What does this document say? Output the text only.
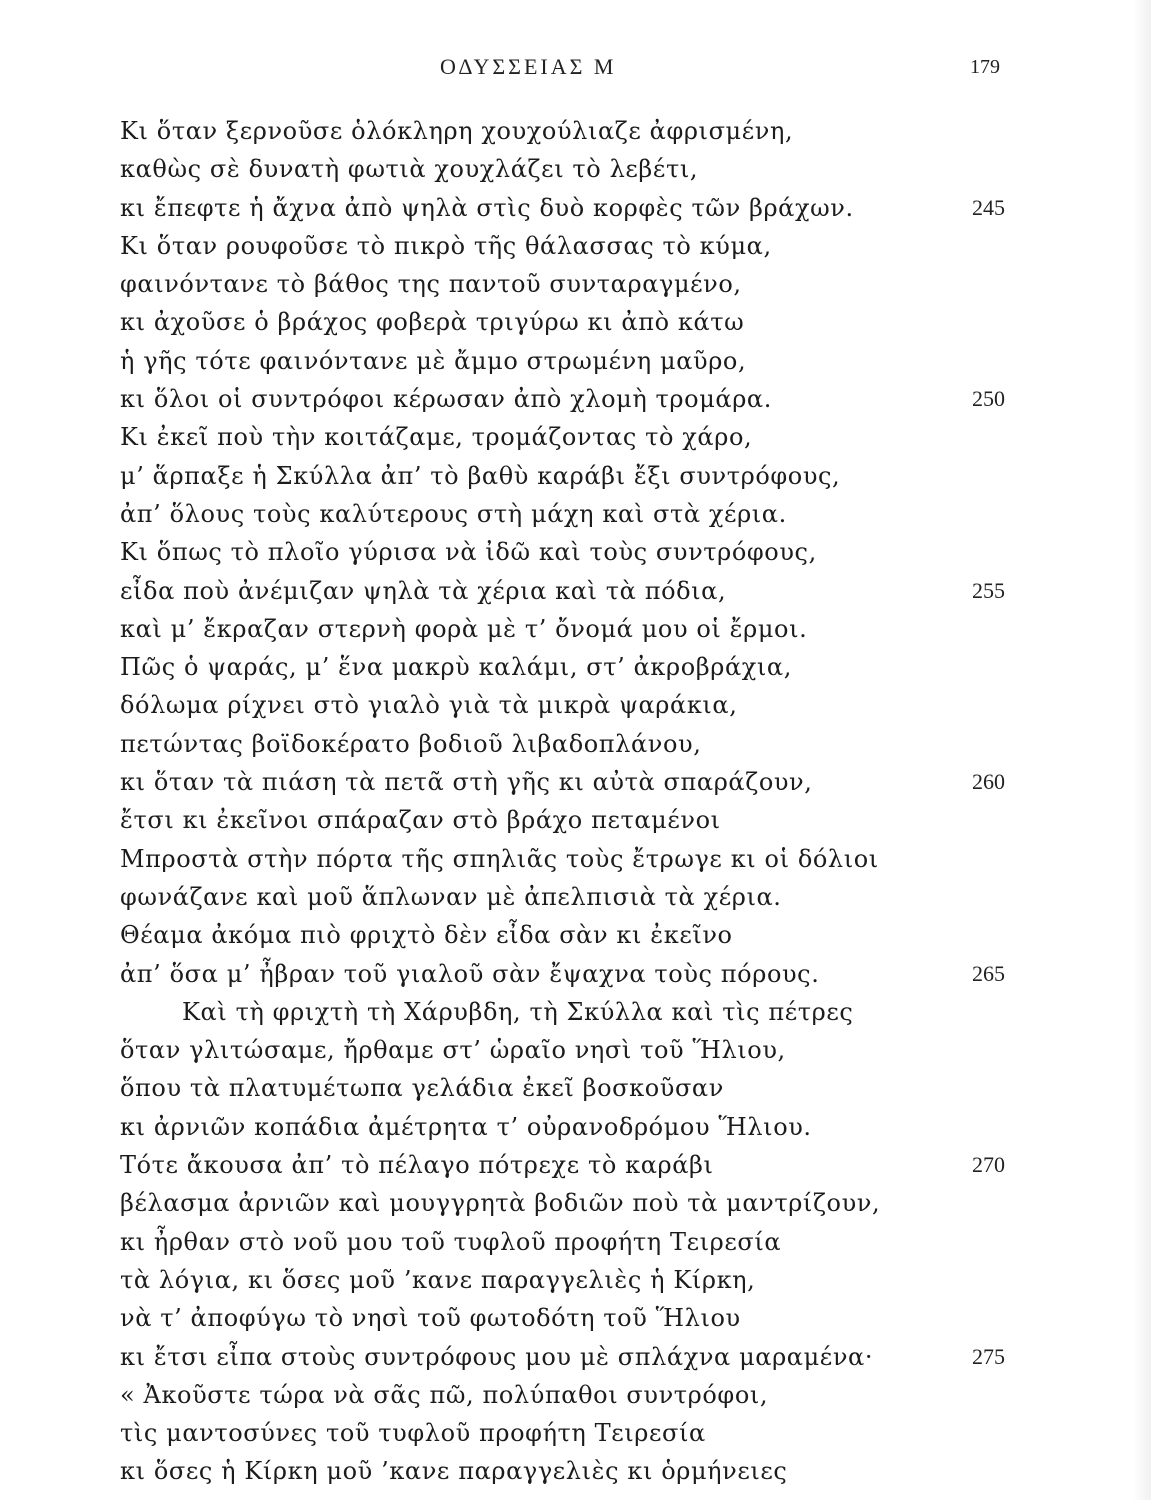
ΟΔΥΣΣΕΙΑΣ Μ	179
Κι ὅταν ξερνοῦσε ὁλόκληρη χουχούλιαζε ἀφρισμένη,
καθὼς σὲ δυνατὴ φωτιὰ χουχλάζει τὸ λεβέτι,
κι ἔπεφτε ἡ ἄχνα ἀπὸ ψηλὰ στὶς δυὸ κορφὲς τῶν βράχων.	245
Κι ὅταν ρουφοῦσε τὸ πικρὸ τῆς θάλασσας τὸ κύμα,
φαινόντανε τὸ βάθος της παντοῦ συνταραγμένο,
κι ἀχοῦσε ὁ βράχος φοβερὰ τριγύρω κι ἀπὸ κάτω
ἡ γῆς τότε φαινόντανε μὲ ἄμμο στρωμένη μαῦρο,
κι ὅλοι οἱ συντρόφοι κέρωσαν ἀπὸ χλομὴ τρομάρα.	250
Κι ἐκεῖ ποὺ τὴν κοιτάζαμε, τρομάζοντας τὸ χάρο,
μ’ ἅρπαξε ἡ Σκύλλα ἀπ’ τὸ βαθὺ καράβι ἔξι συντρόφους,
ἀπ’ ὅλους τοὺς καλύτερους στὴ μάχη καὶ στὰ χέρια.
Κι ὅπως τὸ πλοῖο γύρισα νὰ ἰδῶ καὶ τοὺς συντρόφους,
εἶδα ποὺ ἀνέμιζαν ψηλὰ τὰ χέρια καὶ τὰ πόδια,	255
καὶ μ’ ἔκραζαν στερνὴ φορὰ μὲ τ’ ὄνομά μου οἱ ἔρμοι.
Πῶς ὁ ψαράς, μ’ ἕνα μακρὺ καλάμι, στ’ ἀκροβράχια,
δόλωμα ρίχνει στὸ γιαλὸ γιὰ τὰ μικρὰ ψαράκια,
πετώντας βοϊδοκέρατο βοδιοῦ λιβαδοπλάνου,
κι ὅταν τὰ πιάση τὰ πετᾶ στὴ γῆς κι αὐτὰ σπαράζουν,	260
ἔτσι κι ἐκεῖνοι σπάραζαν στὸ βράχο πεταμένοι
Μπροστὰ στὴν πόρτα τῆς σπηλιᾶς τοὺς ἔτρωγε κι οἱ δόλιοι
φωνάζανε καὶ μοῦ ἅπλωναν μὲ ἀπελπισιὰ τὰ χέρια.
Θέαμα ἀκόμα πιὸ φριχτὸ δὲν εἶδα σὰν κι ἐκεῖνο
ἀπ’ ὅσα μ’ ἦβραν τοῦ γιαλοῦ σὰν ἔψαχνα τοὺς πόρους.	265
Καὶ τὴ φριχτὴ τὴ Χάρυβδη, τὴ Σκύλλα καὶ τὶς πέτρες
ὅταν γλιτώσαμε, ἤρθαμε στ’ ὡραῖο νησὶ τοῦ Ἥλιου,
ὅπου τὰ πλατυμέτωπα γελάδια ἐκεῖ βοσκοῦσαν
κι ἀρνιῶν κοπάδια ἀμέτρητα τ’ οὐρανοδρόμου Ἥλιου.
Τότε ἄκουσα ἀπ’ τὸ πέλαγο πότρεχε τὸ καράβι	270
βέλασμα ἀρνιῶν καὶ μουγγρητὰ βοδιῶν ποὺ τὰ μαντρίζουν,
κι ἦρθαν στὸ νοῦ μου τοῦ τυφλοῦ προφήτη Τειρεσία
τὰ λόγια, κι ὅσες μοῦ ’κανε παραγγελιὲς ἡ Κίρκη,
νὰ τ’ ἀποφύγω τὸ νησὶ τοῦ φωτοδότη τοῦ Ἥλιου
κι ἔτσι εἶπα στοὺς συντρόφους μου μὲ σπλάχνα μαραμένα·	275
« Ἀκοῦστε τώρα νὰ σᾶς πῶ, πολύπαθοι συντρόφοι,
τὶς μαντοσύνες τοῦ τυφλοῦ προφήτη Τειρεσία
κι ὅσες ἡ Κίρκη μοῦ ’κανε παραγγελιὲς κι ὁρμήνειες
